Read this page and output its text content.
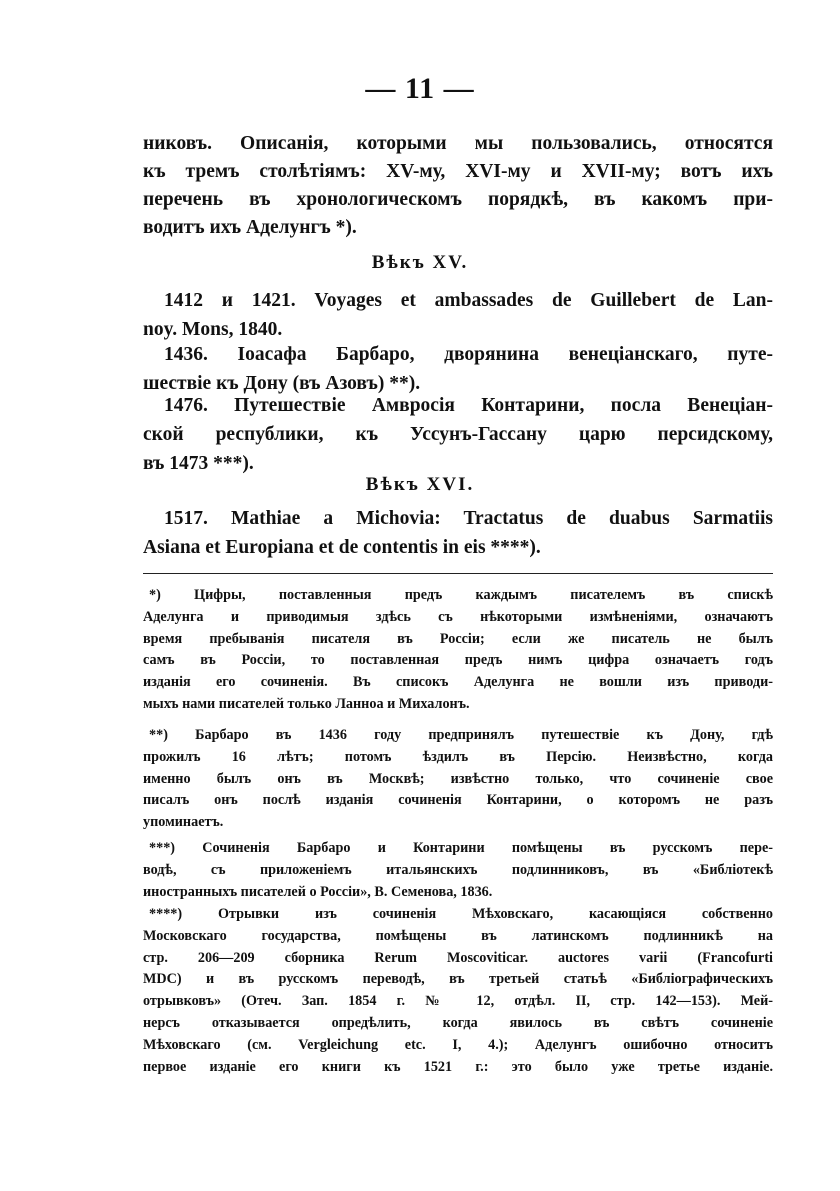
— 11 —
никовъ. Описанія, которыми мы пользовались, относятся
къ тремъ столѣтіямъ: XV-му, XVI-му и XVII-му; вотъ ихъ
перечень въ хронологическомъ порядкѣ, въ какомъ при-
водитъ ихъ Аделунгъ *).
Вѣкъ XV.
1412 и 1421. Voyages et ambassades de Guillebert de Lan-
noy. Mons, 1840.
1436. Іоасафа Барбаро, дворянина венеціанскаго, путе-
шествіе къ Дону (въ Азовъ) **).
1476. Путешествіе Амвросія Контарини, посла Венеціан-
ской республики, къ Уссунъ-Гассану царю персидскому,
въ 1473 ***).
Вѣкъ XVI.
1517. Mathiae a Michovia: Tractatus de duabus Sarmatiis
Asiana et Europiana et de contentis in eis ****).
*) Цифры, поставленныя предъ каждымъ писателемъ въ спискѣ
Аделунга и приводимыя здѣсь съ нѣкоторыми измѣненіями, означаютъ
время пребыванія писателя въ Россіи; если же писатель не былъ
самъ въ Россіи, то поставленная предъ нимъ цифра означаетъ годъ
изданія его сочиненія. Въ списокъ Аделунга не вошли изъ приводи-
мыхъ нами писателей только Ланноа и Михалонъ.
**) Барбаро въ 1436 году предпринялъ путешествіе къ Дону, гдѣ
прожилъ 16 лѣтъ; потомъ ѣздилъ въ Персію. Неизвѣстно, когда
именно былъ онъ въ Москвѣ; извѣстно только, что сочиненіе свое
писалъ онъ послѣ изданія сочиненія Контарини, о которомъ не разъ
упоминаетъ.
***) Сочиненія Барбаро и Контарини помѣщены въ русскомъ пере-
водѣ, съ приложеніемъ итальянскихъ подлинниковъ, въ «Библіотекѣ
иностранныхъ писателей о Россіи», В. Семенова, 1836.
****) Отрывки изъ сочиненія Мѣховскаго, касающіяся собственно
Московскаго государства, помѣщены въ латинскомъ подлинникѣ на
стр. 206—209 сборника Rerum Moscoviticar. auctores varii (Francofurti
MDC) и въ русскомъ переводѣ, въ третьей статьѣ «Библіографическихъ
отрывковъ» (Отеч. Зап. 1854 г. № 12, отдѣл. II, стр. 142—153). Мей-
нерсъ отказывается опредѣлить, когда явилось въ свѣтъ сочиненіе
Мѣховскаго (см. Vergleichung etc. I, 4.); Аделунгъ ошибочно относитъ
первое изданіе его книги къ 1521 г.: это было уже третье изданіе.
